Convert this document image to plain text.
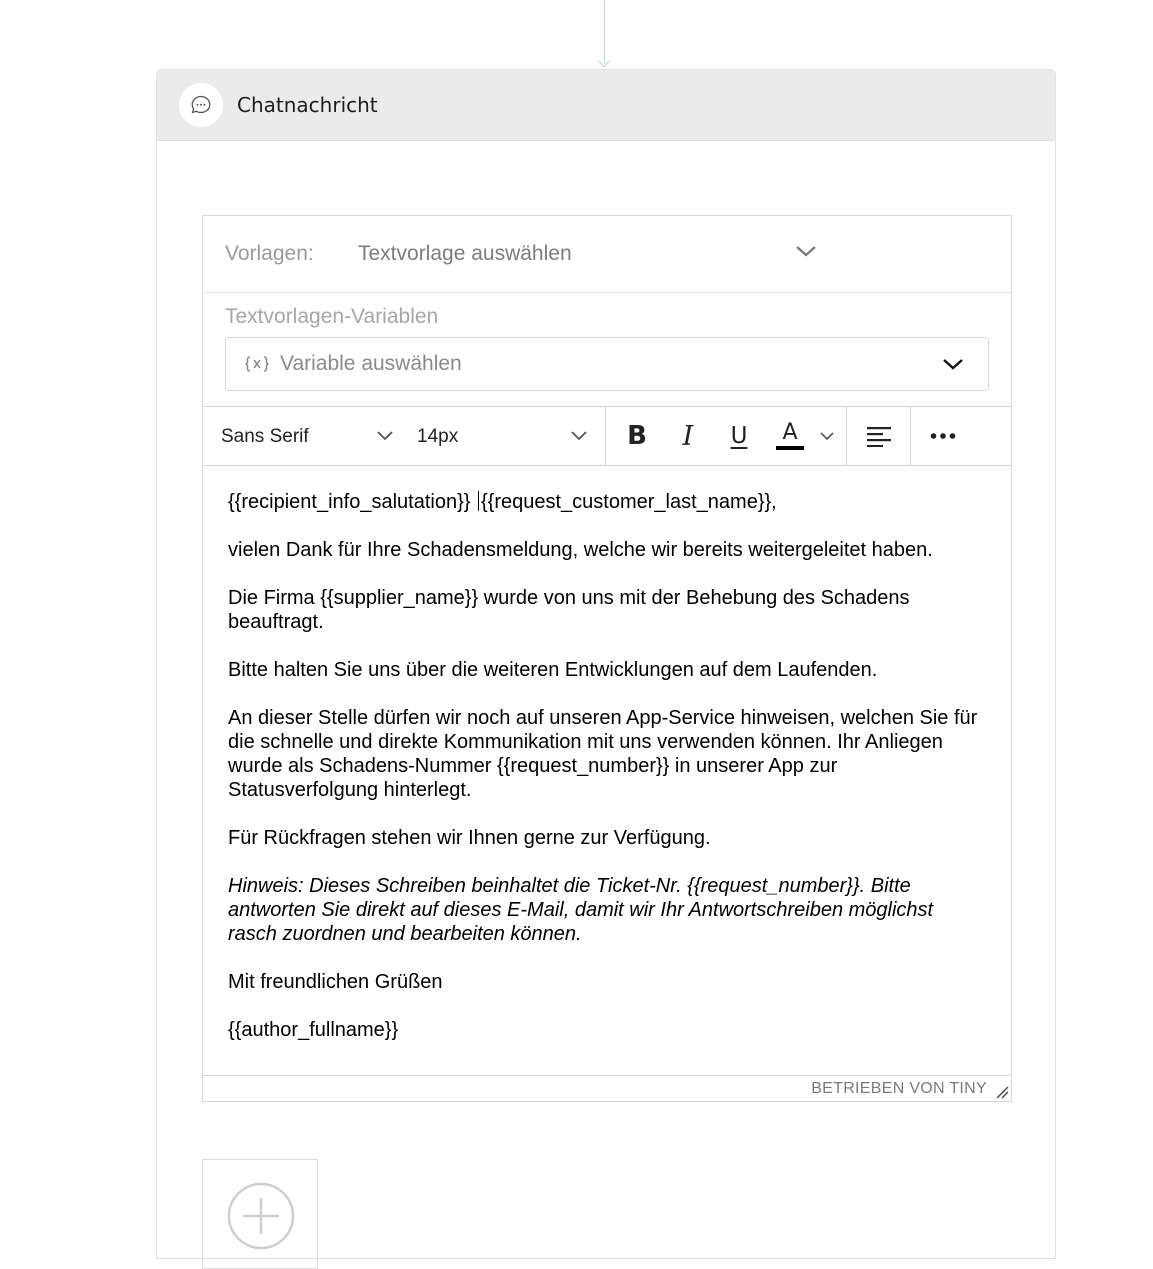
Chatnachricht
Vorlagen:	Textvorlage auswählen
Textvorlagen-Variablen
Variable auswählen
Sans Serif	14px	B I U A

{{recipient_info_salutation}} {{request_customer_last_name}},

vielen Dank für Ihre Schadensmeldung, welche wir bereits weitergeleitet haben.

Die Firma {{supplier_name}} wurde von uns mit der Behebung des Schadens beauftragt.

Bitte halten Sie uns über die weiteren Entwicklungen auf dem Laufenden.

An dieser Stelle dürfen wir noch auf unseren App-Service hinweisen, welchen Sie für die schnelle und direkte Kommunikation mit uns verwenden können. Ihr Anliegen wurde als Schadens-Nummer {{request_number}} in unserer App zur Statusverfolgung hinterlegt.

Für Rückfragen stehen wir Ihnen gerne zur Verfügung.

Hinweis: Dieses Schreiben beinhaltet die Ticket-Nr. {{request_number}}. Bitte antworten Sie direkt auf dieses E-Mail, damit wir Ihr Antwortschreiben möglichst rasch zuordnen und bearbeiten können.

Mit freundlichen Grüßen

{{author_fullname}}

BETRIEBEN VON TINY
